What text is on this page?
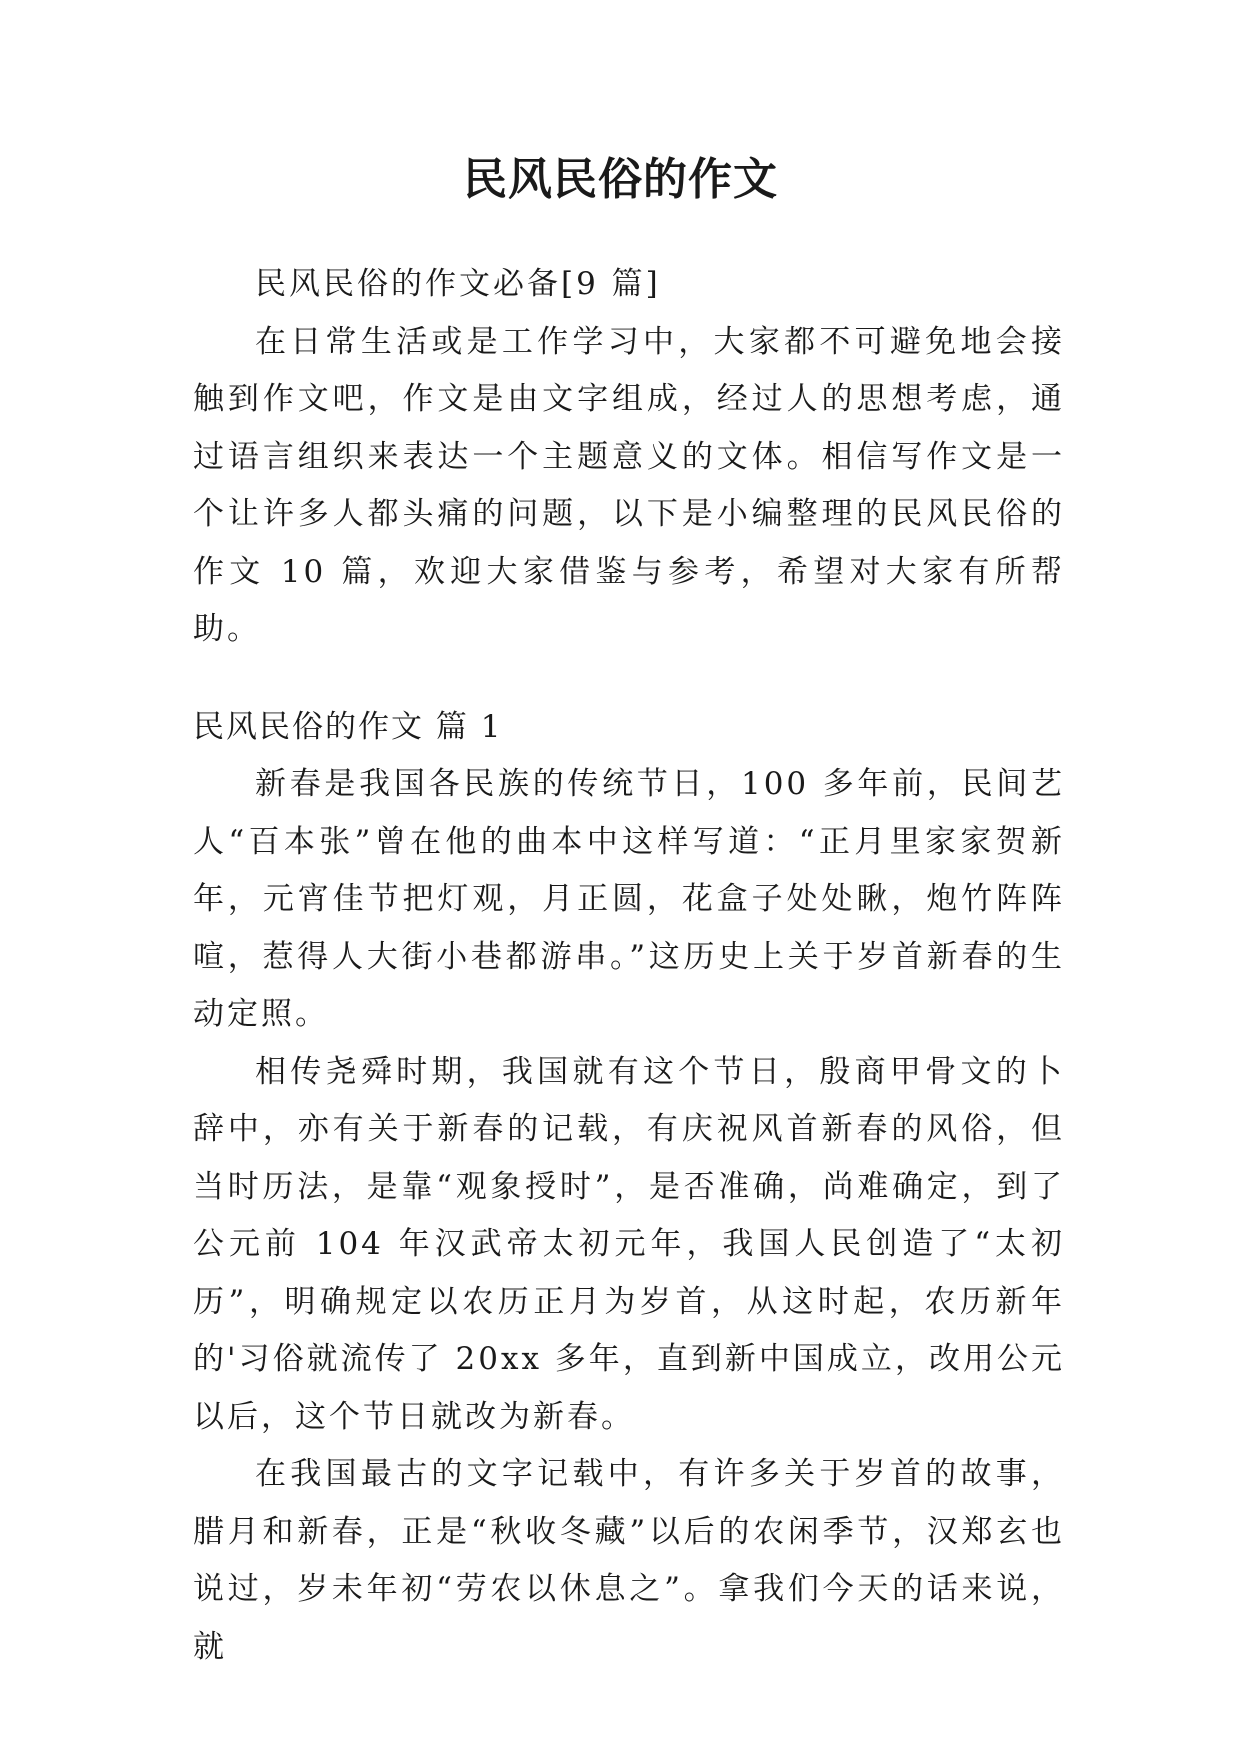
民风民俗的作文

民风民俗的作文必备[9 篇]

在日常生活或是工作学习中，大家都不可避免地会接触到作文吧，作文是由文字组成，经过人的思想考虑，通过语言组织来表达一个主题意义的文体。相信写作文是一个让许多人都头痛的问题，以下是小编整理的民风民俗的作文 10 篇，欢迎大家借鉴与参考，希望对大家有所帮助。

民风民俗的作文 篇 1

新春是我国各民族的传统节日，100 多年前，民间艺人“百本张”曾在他的曲本中这样写道：“正月里家家贺新年，元宵佳节把灯观，月正圆，花盒子处处瞅，炮竹阵阵喧，惹得人大街小巷都游串。”这历史上关于岁首新春的生动定照。

相传尧舜时期，我国就有这个节日，殷商甲骨文的卜辞中，亦有关于新春的记载，有庆祝风首新春的风俗，但当时历法，是靠“观象授时”，是否准确，尚难确定，到了公元前 104 年汉武帝太初元年，我国人民创造了“太初历”，明确规定以农历正月为岁首，从这时起，农历新年的'习俗就流传了 20xx 多年，直到新中国成立，改用公元以后，这个节日就改为新春。

在我国最古的文字记载中，有许多关于岁首的故事，腊月和新春，正是“秋收冬藏”以后的农闲季节，汉郑玄也说过，岁未年初“劳农以休息之”。拿我们今天的话来说，就
